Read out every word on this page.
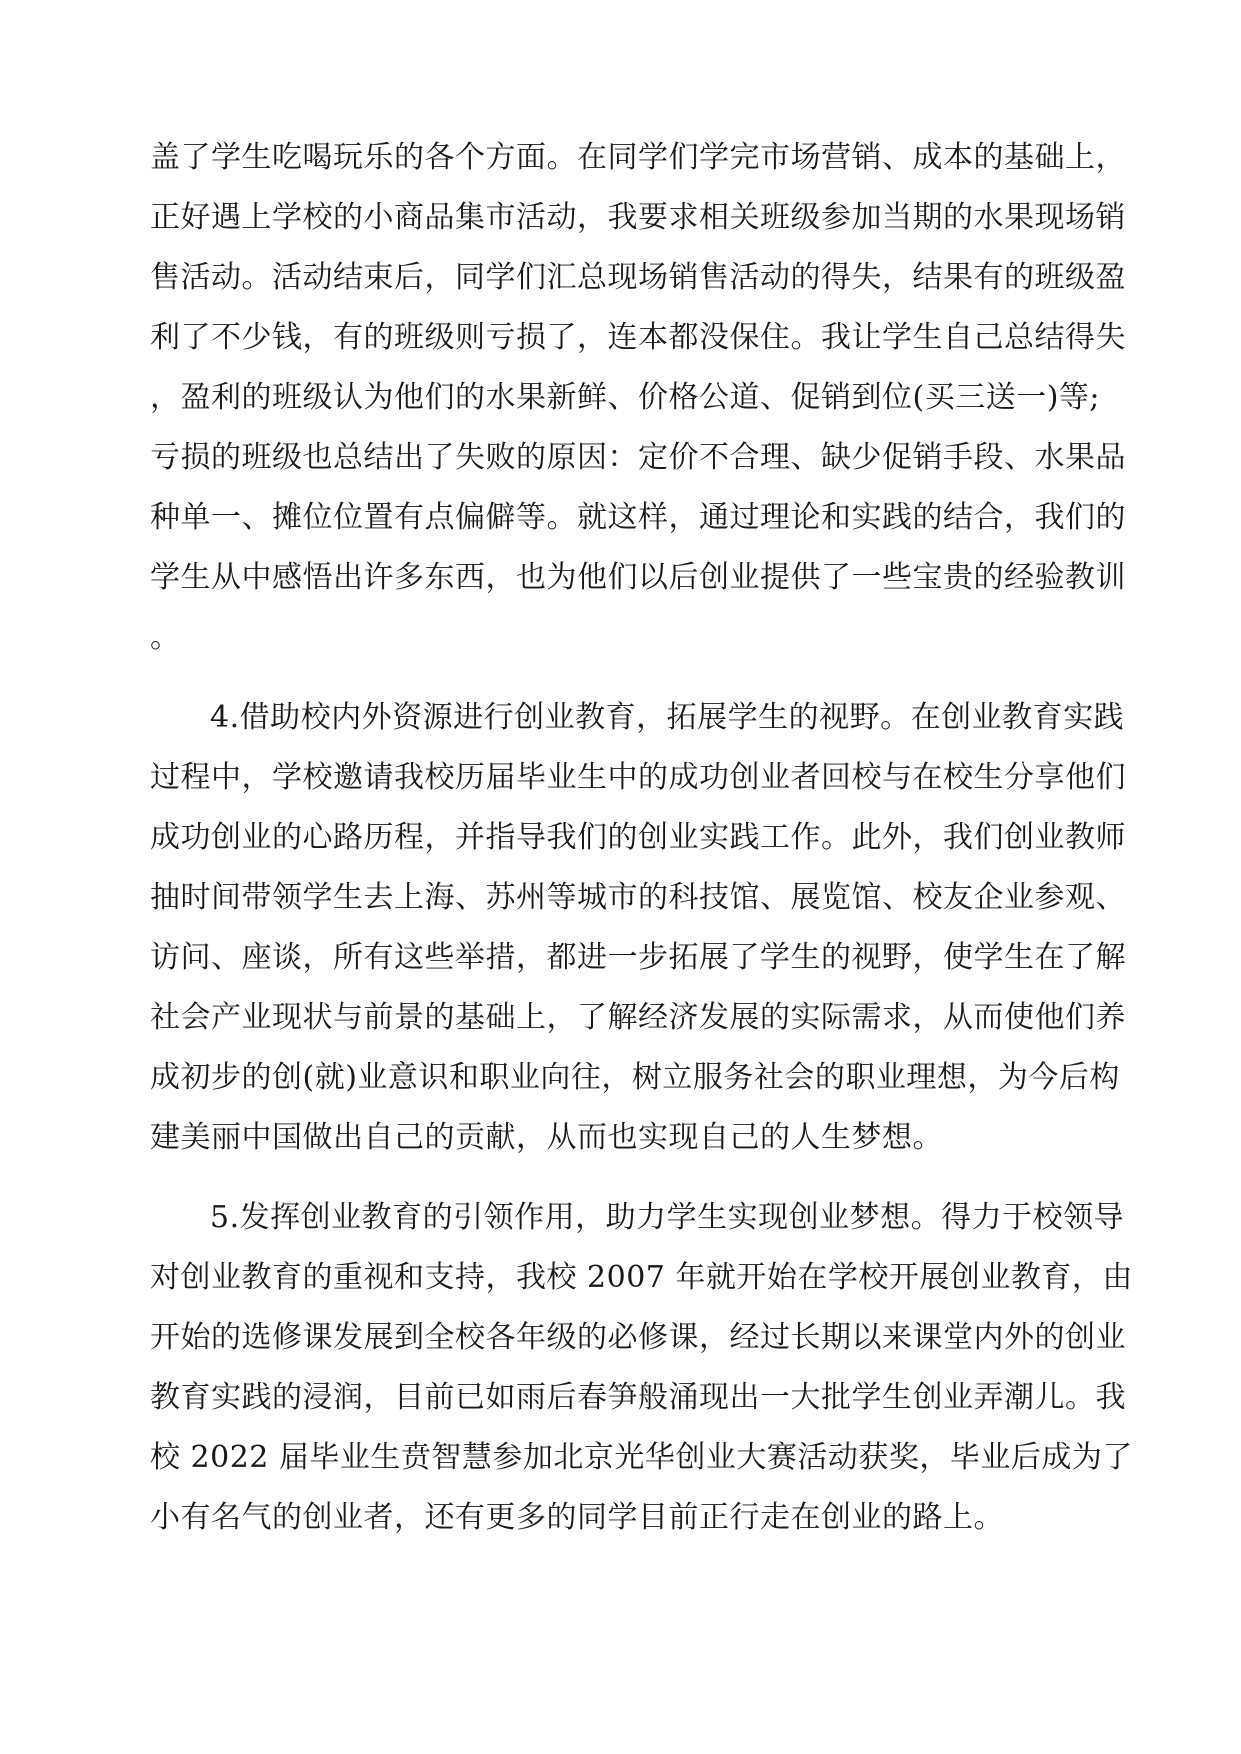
盖了学生吃喝玩乐的各个方面。在同学们学完市场营销、成本的基础上，
正好遇上学校的小商品集市活动，我要求相关班级参加当期的水果现场销
售活动。活动结束后，同学们汇总现场销售活动的得失，结果有的班级盈
利了不少钱，有的班级则亏损了，连本都没保住。我让学生自己总结得失
，盈利的班级认为他们的水果新鲜、价格公道、促销到位(买三送一)等;
亏损的班级也总结出了失败的原因：定价不合理、缺少促销手段、水果品
种单一、摊位位置有点偏僻等。就这样，通过理论和实践的结合，我们的
学生从中感悟出许多东西，也为他们以后创业提供了一些宝贵的经验教训
。
4.借助校内外资源进行创业教育，拓展学生的视野。在创业教育实践
过程中，学校邀请我校历届毕业生中的成功创业者回校与在校生分享他们
成功创业的心路历程，并指导我们的创业实践工作。此外，我们创业教师
抽时间带领学生去上海、苏州等城市的科技馆、展览馆、校友企业参观、
访问、座谈，所有这些举措，都进一步拓展了学生的视野，使学生在了解
社会产业现状与前景的基础上，了解经济发展的实际需求，从而使他们养
成初步的创(就)业意识和职业向往，树立服务社会的职业理想，为今后构
建美丽中国做出自己的贡献，从而也实现自己的人生梦想。
5.发挥创业教育的引领作用，助力学生实现创业梦想。得力于校领导
对创业教育的重视和支持，我校 2007 年就开始在学校开展创业教育，由
开始的选修课发展到全校各年级的必修课，经过长期以来课堂内外的创业
教育实践的浸润，目前已如雨后春笋般涌现出一大批学生创业弄潮儿。我
校 2022 届毕业生贲智慧参加北京光华创业大赛活动获奖，毕业后成为了
小有名气的创业者，还有更多的同学目前正行走在创业的路上。
